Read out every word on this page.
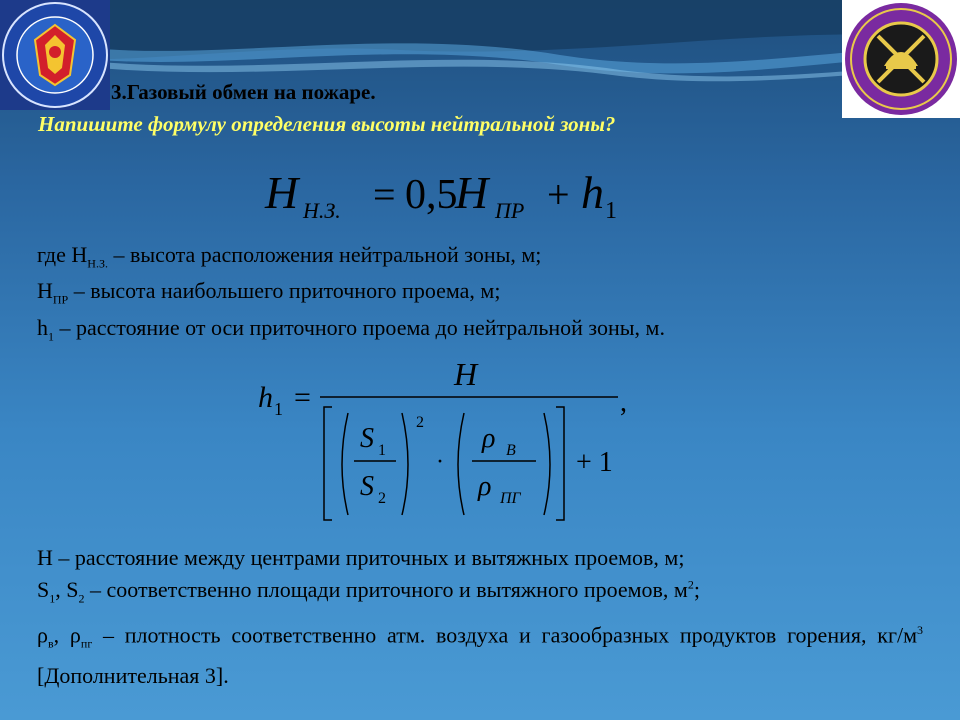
3.Газовый обмен на пожаре.
Напишите формулу определения высоты нейтральной зоны?
H Н.З. = 0,5
H ПР + h 1
где $Н_{Н.З.}$ – высота расположения нейтральной зоны, м;
$Н_{ПР}$ – высота наибольшего приточного проема, м;
$h_1$ – расстояние от оси приточного проема до нейтральной зоны, м.
h 1 =
H
,
S 1
S 2
2
·
ρ В
ρ ПГ
+ 1
Н – расстояние между центрами приточных и вытяжных проемов, м;
$S_1$, $S_2$ – соответственно площади приточного и вытяжного проемов, $м^2$;
$\rho_в$, $\rho_{пг}$ – плотность соответственно атм. воздуха и газообразных продуктов горения, $кг/м^3$ [Дополнительная 3].
